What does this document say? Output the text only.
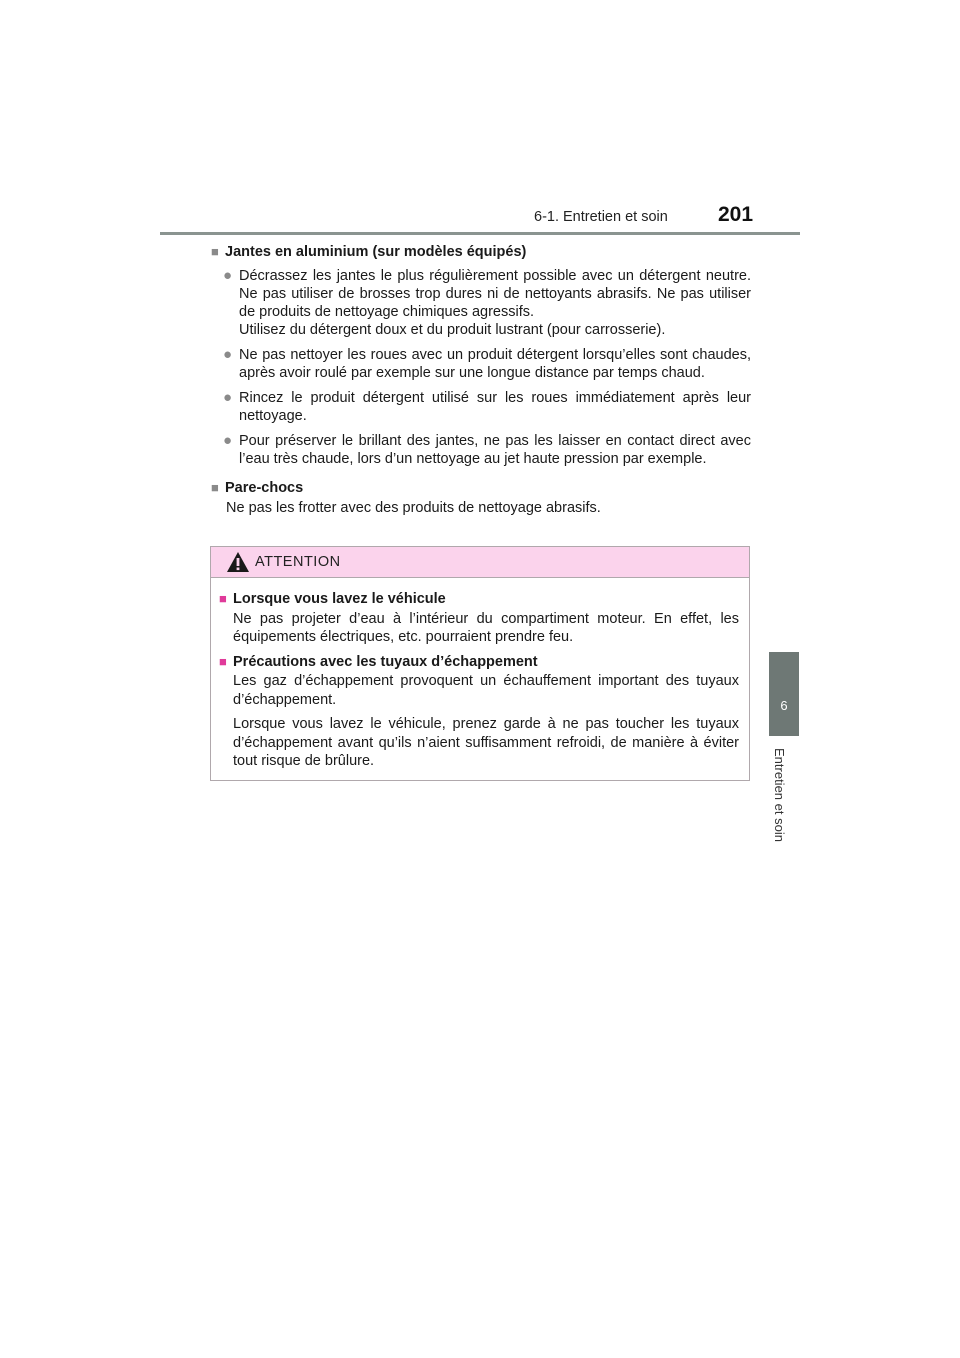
6-1. Entretien et soin 201
6
Entretien et soin
■ Jantes en aluminium (sur modèles équipés)
● Décrassez les jantes le plus régulièrement possible avec un détergent neutre. Ne pas utiliser de brosses trop dures ni de nettoyants abrasifs. Ne pas utiliser de produits de nettoyage chimiques agressifs.
Utilisez du détergent doux et du produit lustrant (pour carrosserie).
● Ne pas nettoyer les roues avec un produit détergent lorsqu’elles sont chaudes, après avoir roulé par exemple sur une longue distance par temps chaud.
● Rincez le produit détergent utilisé sur les roues immédiatement après leur nettoyage.
● Pour préserver le brillant des jantes, ne pas les laisser en contact direct avec l’eau très chaude, lors d’un nettoyage au jet haute pression par exemple.
■ Pare-chocs
Ne pas les frotter avec des produits de nettoyage abrasifs.
ATTENTION
■ Lorsque vous lavez le véhicule
Ne pas projeter d’eau à l’intérieur du compartiment moteur. En effet, les équipements électriques, etc. pourraient prendre feu.
■ Précautions avec les tuyaux d’échappement
Les gaz d’échappement provoquent un échauffement important des tuyaux d’échappement.
Lorsque vous lavez le véhicule, prenez garde à ne pas toucher les tuyaux d’échappement avant qu’ils n’aient suffisamment refroidi, de manière à éviter tout risque de brûlure.
